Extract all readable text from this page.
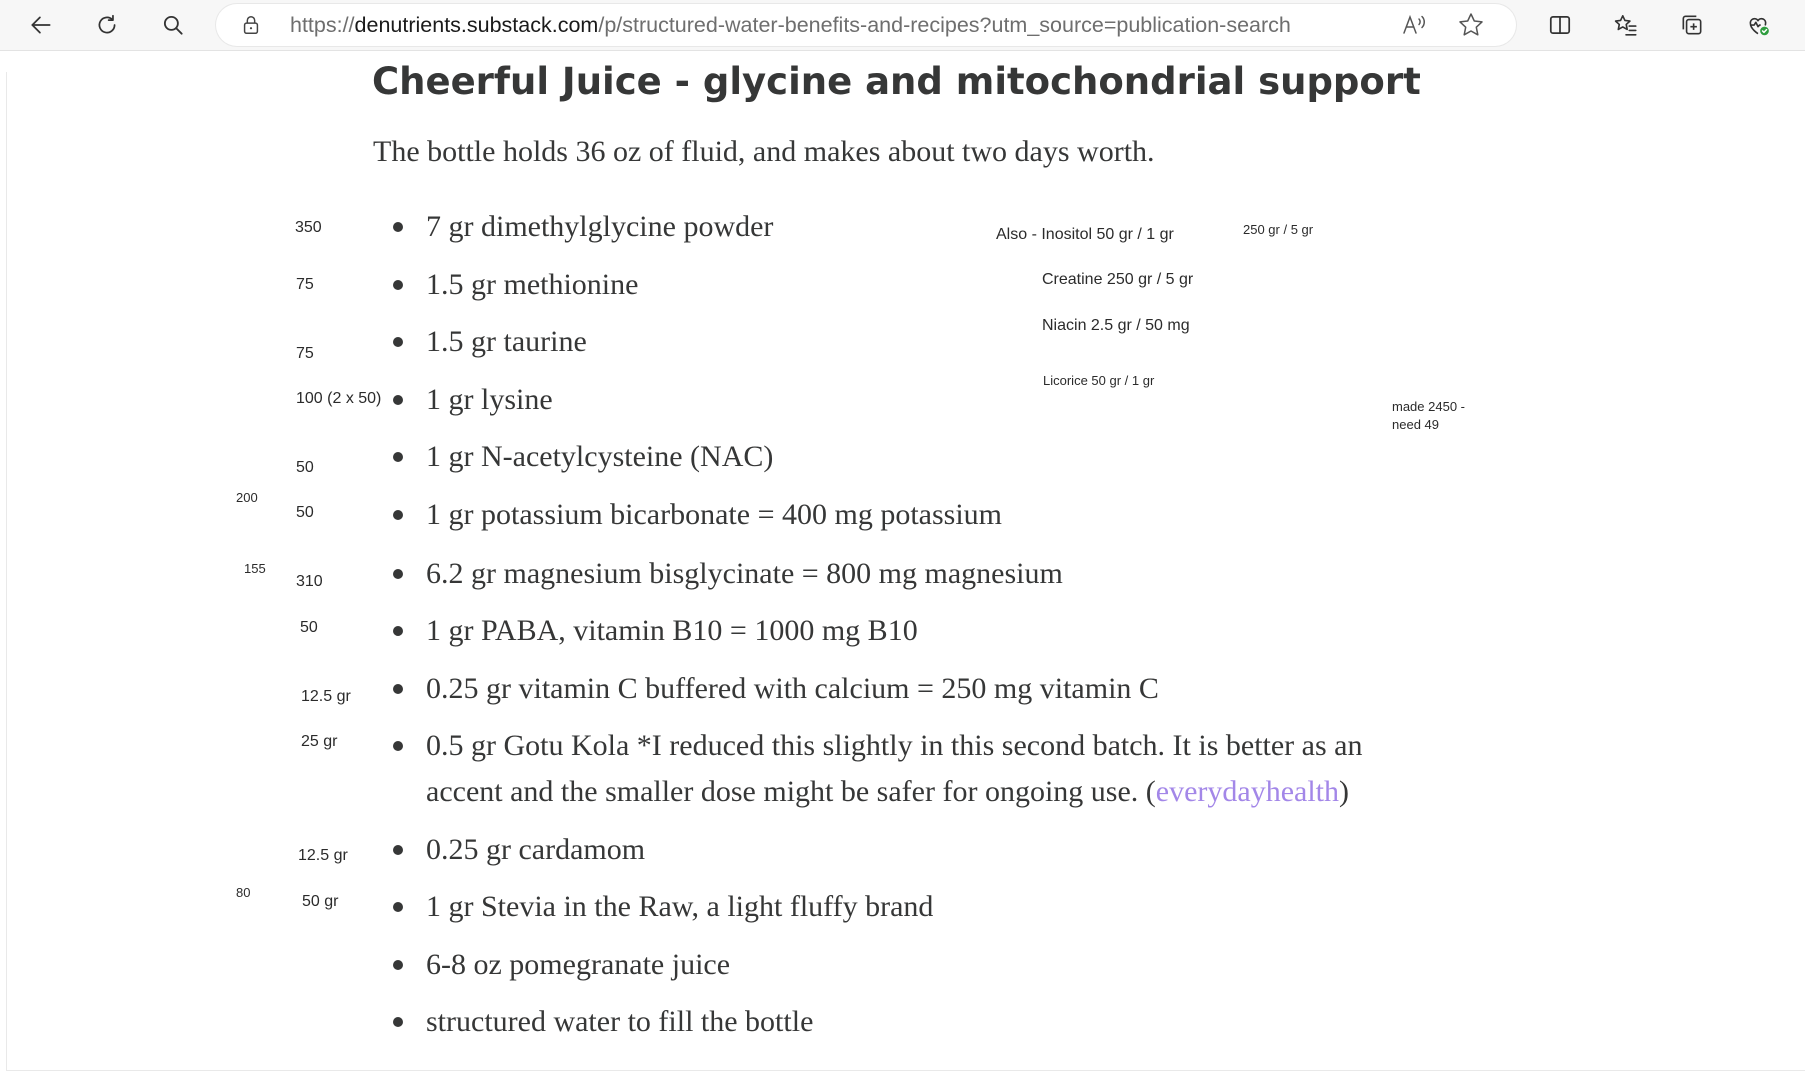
https://denutrients.substack.com/p/structured-water-benefits-and-recipes?utm_source=publication-search
Cheerful Juice - glycine and mitochondrial support

The bottle holds 36 oz of fluid, and makes about two days worth.

7 gr dimethylglycine powder
1.5 gr methionine
1.5 gr taurine
1 gr lysine
1 gr N-acetylcysteine (NAC)
1 gr potassium bicarbonate = 400 mg potassium
6.2 gr magnesium bisglycinate = 800 mg magnesium
1 gr PABA, vitamin B10 = 1000 mg B10
0.25 gr vitamin C buffered with calcium = 250 mg vitamin C
0.5 gr Gotu Kola *I reduced this slightly in this second batch. It is better as an accent and the smaller dose might be safer for ongoing use. (everydayhealth)
0.25 gr cardamom
1 gr Stevia in the Raw, a light fluffy brand
6-8 oz pomegranate juice
structured water to fill the bottle
350
75
75
100 (2 x 50)
50
50
310
50
12.5 gr
25 gr
12.5 gr
50 gr
200
155
80
Also - Inositol 50 gr / 1 gr	250 gr / 5 gr
Creatine 250 gr / 5 gr
Niacin 2.5 gr / 50 mg
Licorice 50 gr / 1 gr
made 2450 -
need 49
